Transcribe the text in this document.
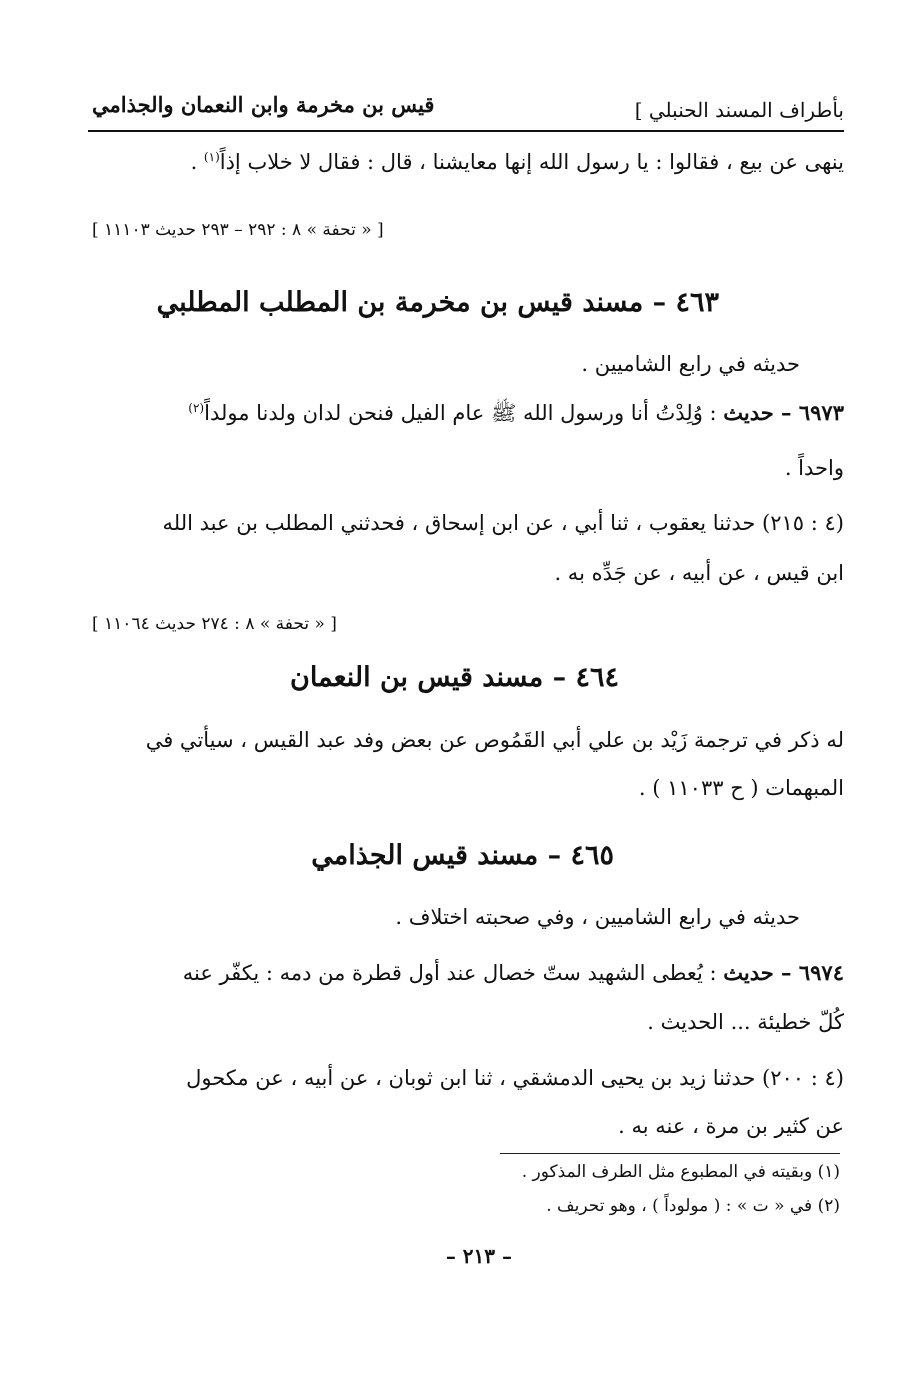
بأطراف المسند الحنبلي ]
قيس بن مخرمة وابن النعمان والجذامي
ينهى عن بيع ، فقالوا : يا رسول الله إنها معايشنا ، قال : فقال لا خلاب إذاً$^{(١)}$ .
[ « تحفة » ٨ : ٢٩٢ – ٢٩٣ حديث ١١١٠٣ ]
٤٦٣ – مسند قيس بن مخرمة بن المطلب المطلبي
حديثه في رابع الشاميين .
٦٩٧٣ – حديث : وُلِدْتُ أنا ورسول الله ﷺ عام الفيل فنحن لدان ولدنا مولداً$^{(٢)}$
واحداً .
(٤ : ٢١٥) حدثنا يعقوب ، ثنا أبي ، عن ابن إسحاق ، فحدثني المطلب بن عبد الله
ابن قيس ، عن أبيه ، عن جَدِّه به .
[ « تحفة » ٨ : ٢٧٤ حديث ١١٠٦٤ ]
٤٦٤ – مسند قيس بن النعمان
له ذكر في ترجمة زَيْد بن علي أبي القَمُوص عن بعض وفد عبد القيس ، سيأتي في
المبهمات ( ح ١١٠٣٣ ) .
٤٦٥ – مسند قيس الجذامي
حديثه في رابع الشاميين ، وفي صحبته اختلاف .
٦٩٧٤ – حديث : يُعطى الشهيد ستّ خصال عند أول قطرة من دمه : يكفّر عنه
كُلّ خطيئة ... الحديث .
(٤ : ٢٠٠) حدثنا زيد بن يحيى الدمشقي ، ثنا ابن ثوبان ، عن أبيه ، عن مكحول
عن كثير بن مرة ، عنه به .
(١) وبقيته في المطبوع مثل الطرف المذكور .
(٢) في « ت » : ( مولوداً ) ، وهو تحريف .
– ٢١٣ –
